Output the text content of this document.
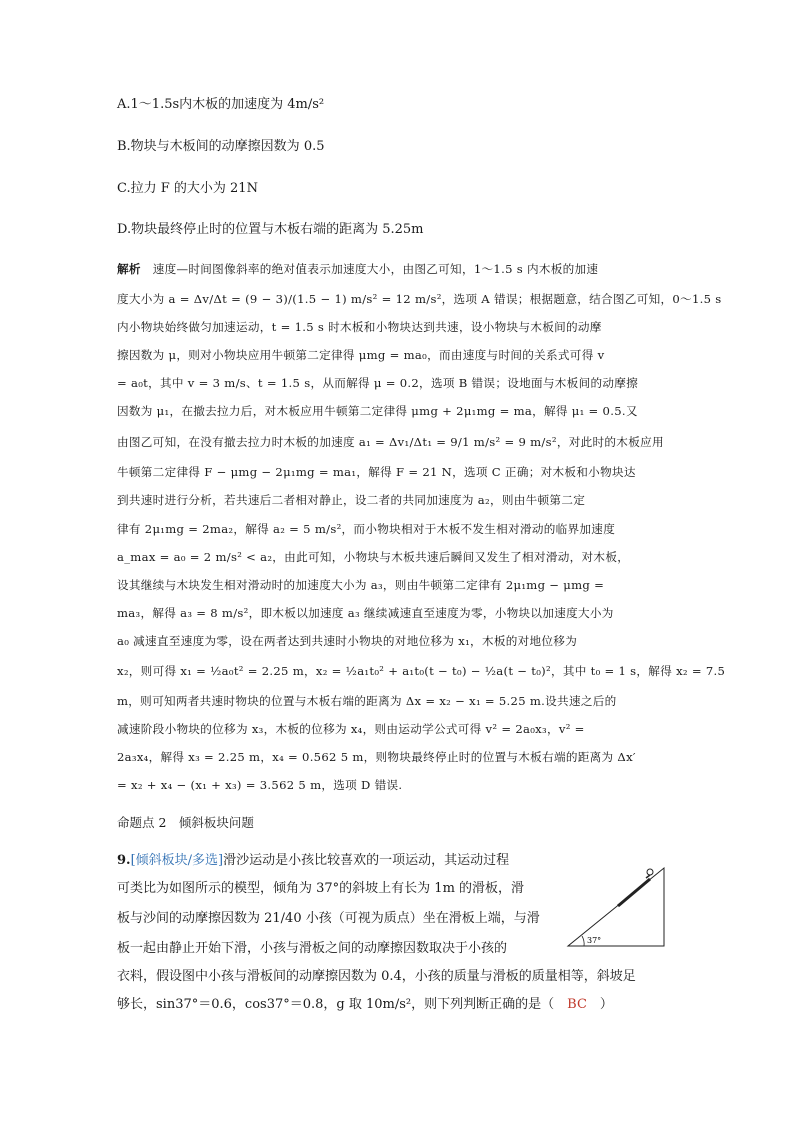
A.1～1.5s内木板的加速度为 4m/s²
B.物块与木板间的动摩擦因数为 0.5
C.拉力 F 的大小为 21N
D.物块最终停止时的位置与木板右端的距离为 5.25m
解析　 速度—时间图像斜率的绝对值表示加速度大小，由图乙可知，1～1.5 s 内木板的加速
度大小为 a = Δv/Δt = (9 − 3)/(1.5 − 1) m/s² = 12 m/s²，选项 A 错误；根据题意，结合图乙可知，0～1.5 s
内小物块始终做匀加速运动，t = 1.5 s 时木板和小物块达到共速，设小物块与木板间的动摩
擦因数为 μ，则对小物块应用牛顿第二定律得 μmg = ma₀，而由速度与时间的关系式可得 v
= a₀t，其中 v = 3 m/s、t = 1.5 s，从而解得 μ = 0.2，选项 B 错误；设地面与木板间的动摩擦
因数为 μ₁，在撤去拉力后，对木板应用牛顿第二定律得 μmg + 2μ₁mg = ma，解得 μ₁ = 0.5.又
由图乙可知，在没有撤去拉力时木板的加速度 a₁ = Δv₁/Δt₁ = 9/1 m/s² = 9 m/s²，对此时的木板应用
牛顿第二定律得 F − μmg − 2μ₁mg = ma₁，解得 F = 21 N，选项 C 正确；对木板和小物块达
到共速时进行分析，若共速后二者相对静止，设二者的共同加速度为 a₂，则由牛顿第二定
律有 2μ₁mg = 2ma₂，解得 a₂ = 5 m/s²，而小物块相对于木板不发生相对滑动的临界加速度
a_max = a₀ = 2 m/s² < a₂，由此可知，小物块与木板共速后瞬间又发生了相对滑动，对木板，
设其继续与木块发生相对滑动时的加速度大小为 a₃，则由牛顿第二定律有 2μ₁mg − μmg =
ma₃，解得 a₃ = 8 m/s²，即木板以加速度 a₃ 继续减速直至速度为零，小物块以加速度大小为
a₀ 减速直至速度为零，设在两者达到共速时小物块的对地位移为 x₁，木板的对地位移为
x₂，则可得 x₁ = ½a₀t² = 2.25 m，x₂ = ½a₁t₀² + a₁t₀(t − t₀) − ½a(t − t₀)²，其中 t₀ = 1 s，解得 x₂ = 7.5
m，则可知两者共速时物块的位置与木板右端的距离为 Δx = x₂ − x₁ = 5.25 m.设共速之后的
减速阶段小物块的位移为 x₃，木板的位移为 x₄，则由运动学公式可得 v² = 2a₀x₃，v² =
2a₃x₄，解得 x₃ = 2.25 m，x₄ = 0.562 5 m，则物块最终停止时的位置与木板右端的距离为 Δx′
= x₂ + x₄ − (x₁ + x₃) = 3.562 5 m，选项 D 错误.
命题点 2　倾斜板块问题
9.[倾斜板块/多选]滑沙运动是小孩比较喜欢的一项运动，其运动过程
可类比为如图所示的模型，倾角为 37°的斜坡上有长为 1m 的滑板，滑
板与沙间的动摩擦因数为 21/40 小孩（可视为质点）坐在滑板上端，与滑
板一起由静止开始下滑，小孩与滑板之间的动摩擦因数取决于小孩的
衣料，假设图中小孩与滑板间的动摩擦因数为 0.4，小孩的质量与滑板的质量相等，斜坡足
够长，sin37°＝0.6，cos37°＝0.8，g 取 10m/s²，则下列判断正确的是（　 BC　 ）
37°
